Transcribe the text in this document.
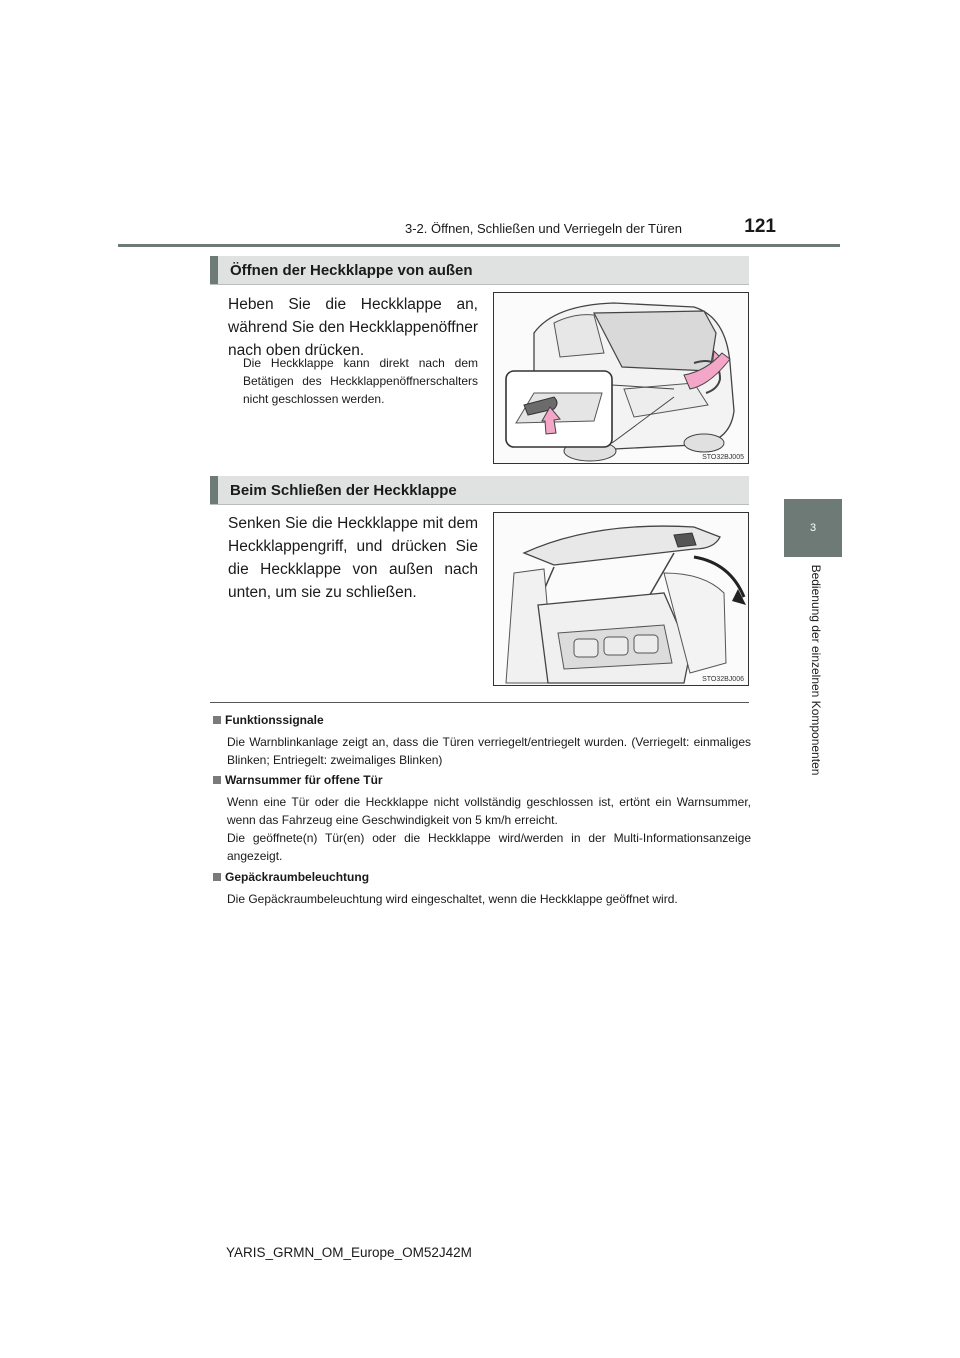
3-2. Öffnen, Schließen und Verriegeln der Türen	121
3
Bedienung der einzelnen Komponenten
Öffnen der Heckklappe von außen

Heben Sie die Heckklappe an, während Sie den Heckklappenöffner nach oben drücken.

Die Heckklappe kann direkt nach dem Betätigen des Heckklappenöffnerschalters nicht geschlossen werden.

STO32BJ005
Beim Schließen der Heckklappe

Senken Sie die Heckklappe mit dem Heckklappengriff, und drücken Sie die Heckklappe von außen nach unten, um sie zu schließen.

STO32BJ006

Funktionssignale

Die Warnblinkanlage zeigt an, dass die Türen verriegelt/entriegelt wurden. (Verriegelt: einmaliges Blinken; Entriegelt: zweimaliges Blinken)

Warnsummer für offene Tür

Wenn eine Tür oder die Heckklappe nicht vollständig geschlossen ist, ertönt ein Warnsummer, wenn das Fahrzeug eine Geschwindigkeit von 5 km/h erreicht.

Die geöffnete(n) Tür(en) oder die Heckklappe wird/werden in der Multi-Informationsanzeige angezeigt.

Gepäckraumbeleuchtung

Die Gepäckraumbeleuchtung wird eingeschaltet, wenn die Heckklappe geöffnet wird.

YARIS_GRMN_OM_Europe_OM52J42M
